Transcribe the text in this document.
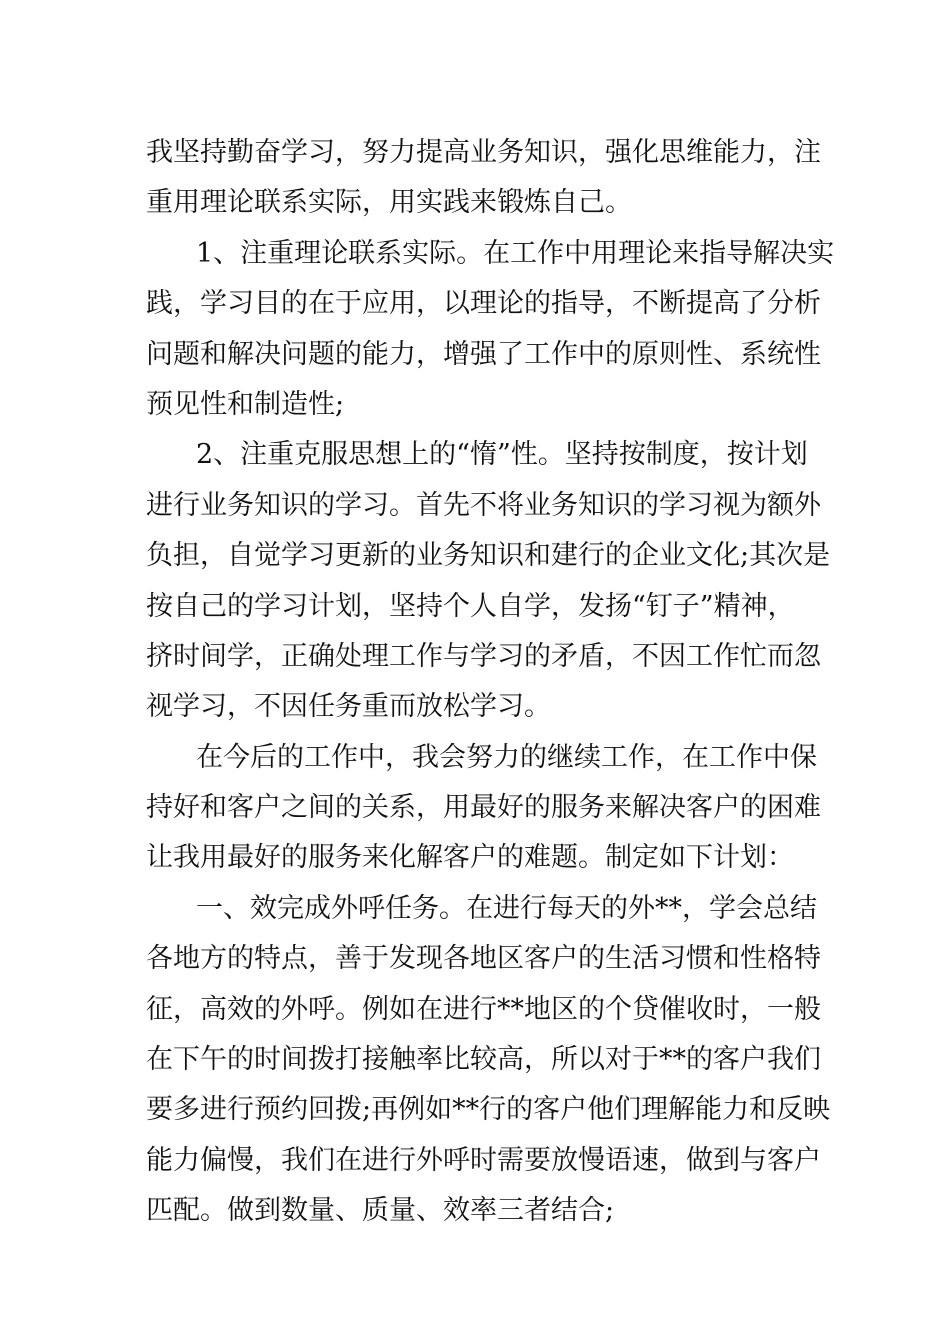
我坚持勤奋学习，努力提高业务知识，强化思维能力，注
重用理论联系实际，用实践来锻炼自己。
1、注重理论联系实际。在工作中用理论来指导解决实
践，学习目的在于应用，以理论的指导，不断提高了分析
问题和解决问题的能力，增强了工作中的原则性、系统性
预见性和制造性;
2、注重克服思想上的“惰”性。坚持按制度，按计划
进行业务知识的学习。首先不将业务知识的学习视为额外
负担，自觉学习更新的业务知识和建行的企业文化;其次是
按自己的学习计划，坚持个人自学，发扬“钉子”精神，
挤时间学，正确处理工作与学习的矛盾，不因工作忙而忽
视学习，不因任务重而放松学习。
在今后的工作中，我会努力的继续工作，在工作中保
持好和客户之间的关系，用最好的服务来解决客户的困难
让我用最好的服务来化解客户的难题。制定如下计划：
一、效完成外呼任务。在进行每天的外**，学会总结
各地方的特点，善于发现各地区客户的生活习惯和性格特
征，高效的外呼。例如在进行**地区的个贷催收时，一般
在下午的时间拨打接触率比较高，所以对于**的客户我们
要多进行预约回拨;再例如**行的客户他们理解能力和反映
能力偏慢，我们在进行外呼时需要放慢语速，做到与客户
匹配。做到数量、质量、效率三者结合;
